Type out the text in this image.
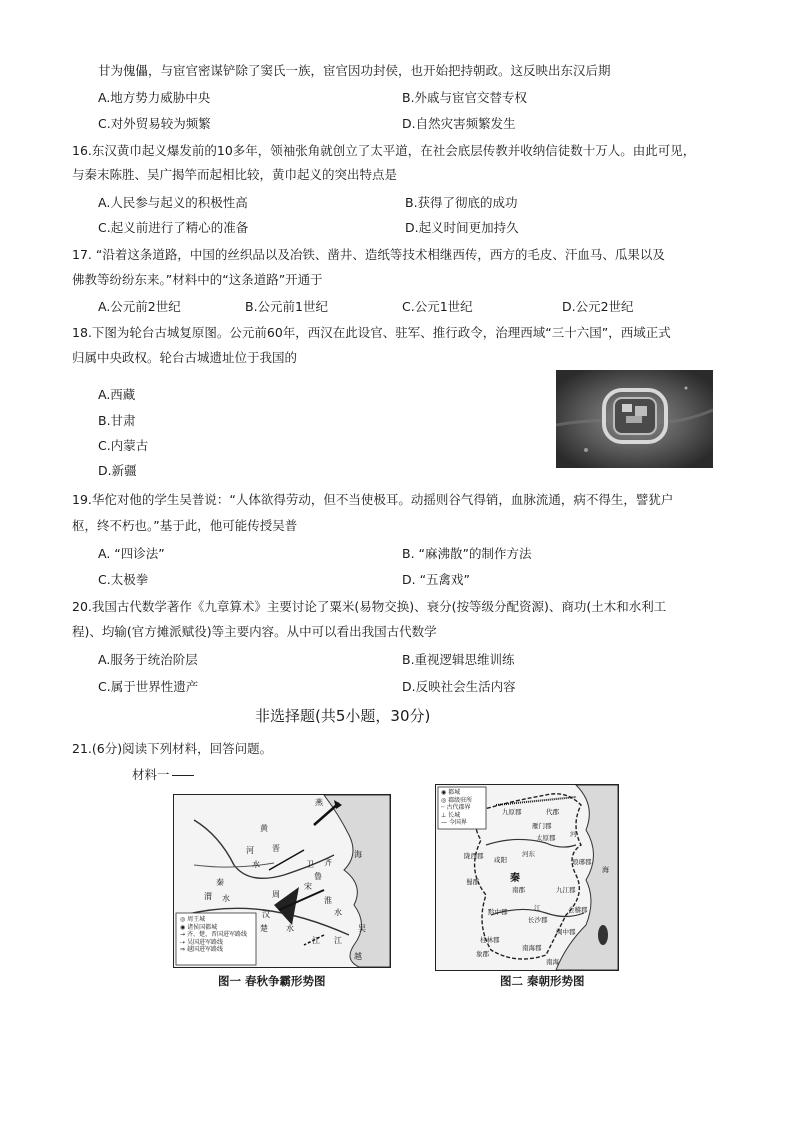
甘为傀儡，与宦官密谋铲除了窦氏一族，宦官因功封侯，也开始把持朝政。这反映出东汉后期
A.地方势力威胁中央	B.外戚与宦官交替专权
C.对外贸易较为频繁	D.自然灾害频繁发生
16.东汉黄巾起义爆发前的10多年，领袖张角就创立了太平道，在社会底层传教并收纳信徒数十万人。由此可见，
与秦末陈胜、吴广揭竿而起相比较，黄巾起义的突出特点是
A.人民参与起义的积极性高	B.获得了彻底的成功
C.起义前进行了精心的准备	D.起义时间更加持久
17. “沿着这条道路，中国的丝织品以及冶铁、凿井、造纸等技术相继西传，西方的毛皮、汗血马、瓜果以及
佛教等纷纷东来。”材料中的“这条道路”开通于
A.公元前2世纪	B.公元前1世纪	C.公元1世纪	D.公元2世纪
18.下图为轮台古城复原图。公元前60年，西汉在此设官、驻军、推行政令，治理西域“三十六国”，西域正式
归属中央政权。轮台古城遗址位于我国的
A.西藏
B.甘肃
C.内蒙古
D.新疆
19.华佗对他的学生吴普说：“人体欲得劳动，但不当使极耳。动摇则谷气得销，血脉流通，病不得生，譬犹户
枢，终不朽也。”基于此，他可能传授吴普
A. “四诊法”	B. “麻沸散”的制作方法
C.太极拳	D. “五禽戏”
20.我国古代数学著作《九章算术》主要讨论了粟米(易物交换)、衰分(按等级分配资源)、商功(土木和水利工
程)、均输(官方摊派赋役)等主要内容。从中可以看出我国古代数学
A.服务于统治阶层	B.重视逻辑思维训练
C.属于世界性遗产	D.反映社会生活内容
非选择题(共5小题，30分)
21.(6分)阅读下列材料，回答问题。
材料一
燕
黄
河
水
晋
海
齐
卫
鲁
秦
渭 水	周
宋
淮
水
汉
水
楚
江 江
吴
越
◎ 周王城
◉ 诸侯国都城
→ 齐、楚、晋国进军路线
⇢ 吴国进军路线
⇒ 越国进军路线
图一 春秋争霸形势图
◉ 都城
◎ 郡级驻所
┄ 古代郡界
⊥ 长城
— 今国界
九原郡	代郡
雁门郡
太原郡
陇西郡 咸阳
河东
河
琅琊郡
秦
蜀郡
南郡	九江郡
海
江
黔中郡
长沙郡
会稽郡
闽中郡
桂林郡
南海郡
象郡
南海
图二 秦朝形势图
